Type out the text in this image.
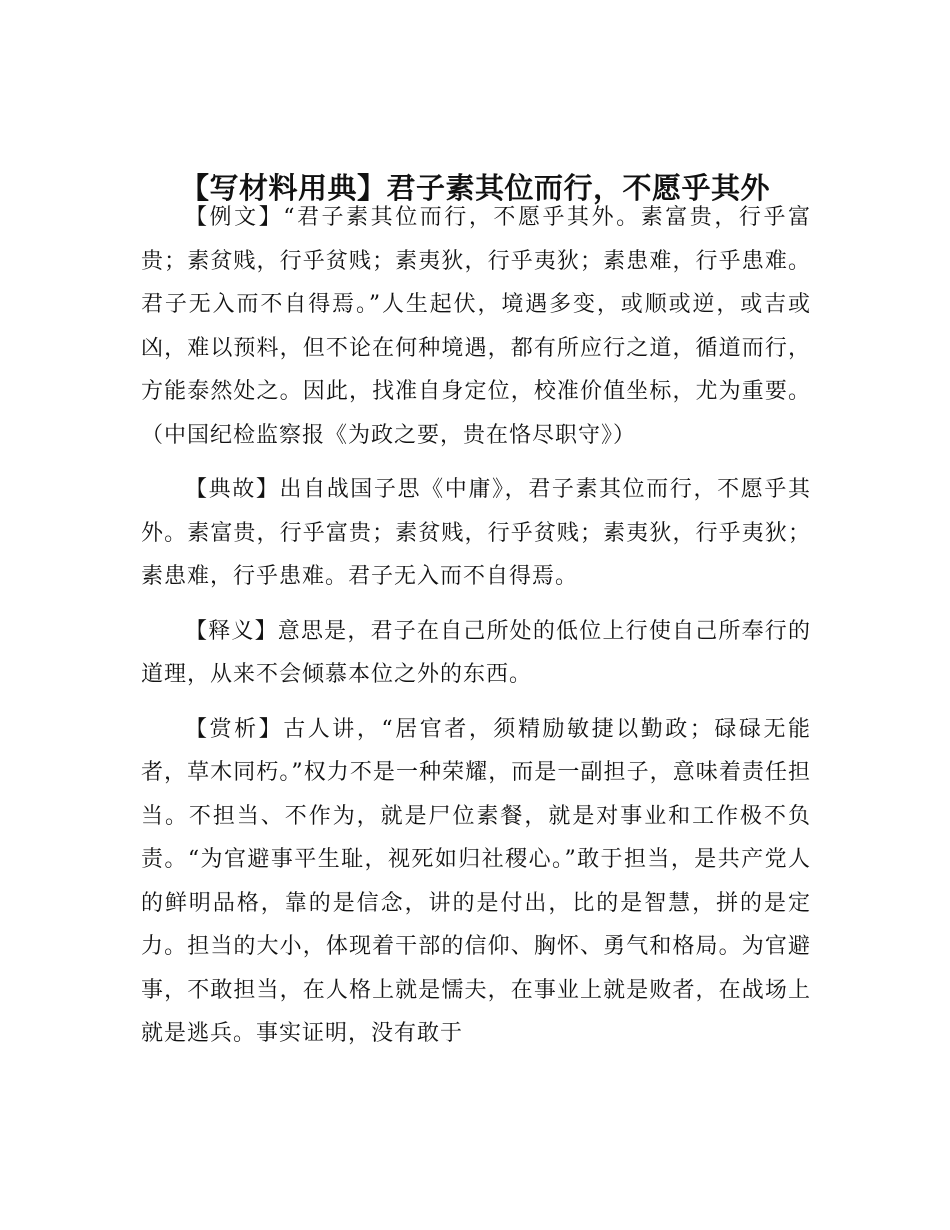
【写材料用典】君子素其位而行，不愿乎其外

【例文】“君子素其位而行，不愿乎其外。素富贵，行乎富贵；素贫贱，行乎贫贱；素夷狄，行乎夷狄；素患难，行乎患难。君子无入而不自得焉。”人生起伏，境遇多变，或顺或逆，或吉或凶，难以预料，但不论在何种境遇，都有所应行之道，循道而行，方能泰然处之。因此，找准自身定位，校准价值坐标，尤为重要。（中国纪检监察报《为政之要，贵在恪尽职守》）

【典故】出自战国子思《中庸》，君子素其位而行，不愿乎其外。素富贵，行乎富贵；素贫贱，行乎贫贱；素夷狄，行乎夷狄；素患难，行乎患难。君子无入而不自得焉。

【释义】意思是，君子在自己所处的低位上行使自己所奉行的道理，从来不会倾慕本位之外的东西。

【赏析】古人讲，“居官者，须精励敏捷以勤政；碌碌无能者，草木同朽。”权力不是一种荣耀，而是一副担子，意味着责任担当。不担当、不作为，就是尸位素餐，就是对事业和工作极不负责。“为官避事平生耻，视死如归社稷心。”敢于担当，是共产党人的鲜明品格，靠的是信念，讲的是付出，比的是智慧，拼的是定力。担当的大小，体现着干部的信仰、胸怀、勇气和格局。为官避事，不敢担当，在人格上就是懦夫，在事业上就是败者，在战场上就是逃兵。事实证明，没有敢于
